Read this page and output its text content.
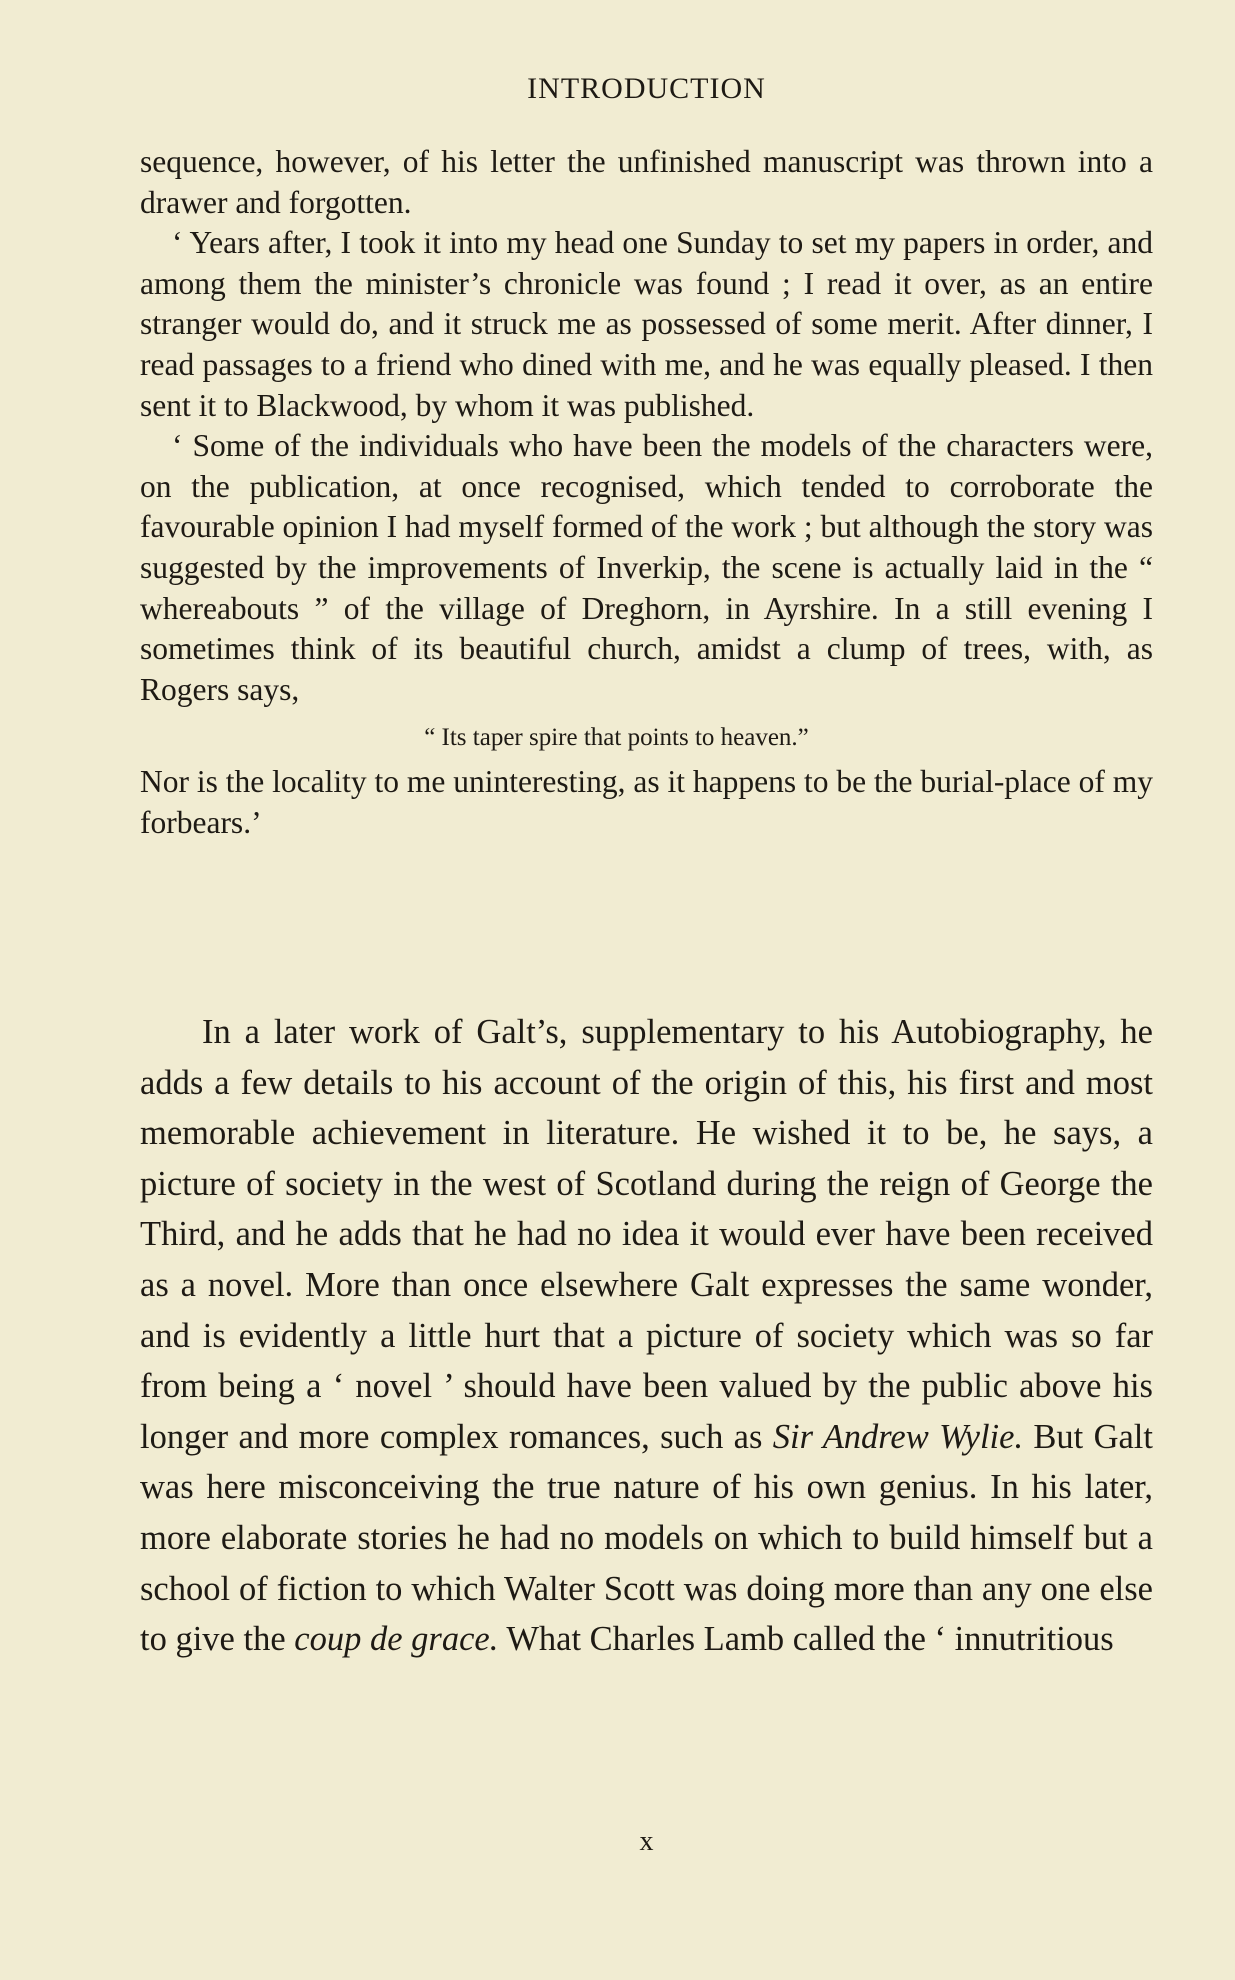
INTRODUCTION

sequence, however, of his letter the unfinished manuscript was thrown into a drawer and forgotten.

‘ Years after, I took it into my head one Sunday to set my papers in order, and among them the minister’s chronicle was found ; I read it over, as an entire stranger would do, and it struck me as possessed of some merit. After dinner, I read passages to a friend who dined with me, and he was equally pleased. I then sent it to Blackwood, by whom it was published.

‘ Some of the individuals who have been the models of the characters were, on the publication, at once recognised, which tended to corroborate the favourable opinion I had myself formed of the work ; but although the story was suggested by the improvements of Inverkip, the scene is actually laid in the “ whereabouts ” of the village of Dreghorn, in Ayrshire. In a still evening I sometimes think of its beautiful church, amidst a clump of trees, with, as Rogers says,

“ Its taper spire that points to heaven.”

Nor is the locality to me uninteresting, as it happens to be the burial-place of my forbears.’

In a later work of Galt’s, supplementary to his Autobiography, he adds a few details to his account of the origin of this, his first and most memorable achievement in literature. He wished it to be, he says, a picture of society in the west of Scotland during the reign of George the Third, and he adds that he had no idea it would ever have been received as a novel. More than once elsewhere Galt expresses the same wonder, and is evidently a little hurt that a picture of society which was so far from being a ‘ novel ’ should have been valued by the public above his longer and more complex romances, such as Sir Andrew Wylie. But Galt was here misconceiving the true nature of his own genius. In his later, more elaborate stories he had no models on which to build himself but a school of fiction to which Walter Scott was doing more than any one else to give the coup de grace. What Charles Lamb called the ‘ innutritious

x
